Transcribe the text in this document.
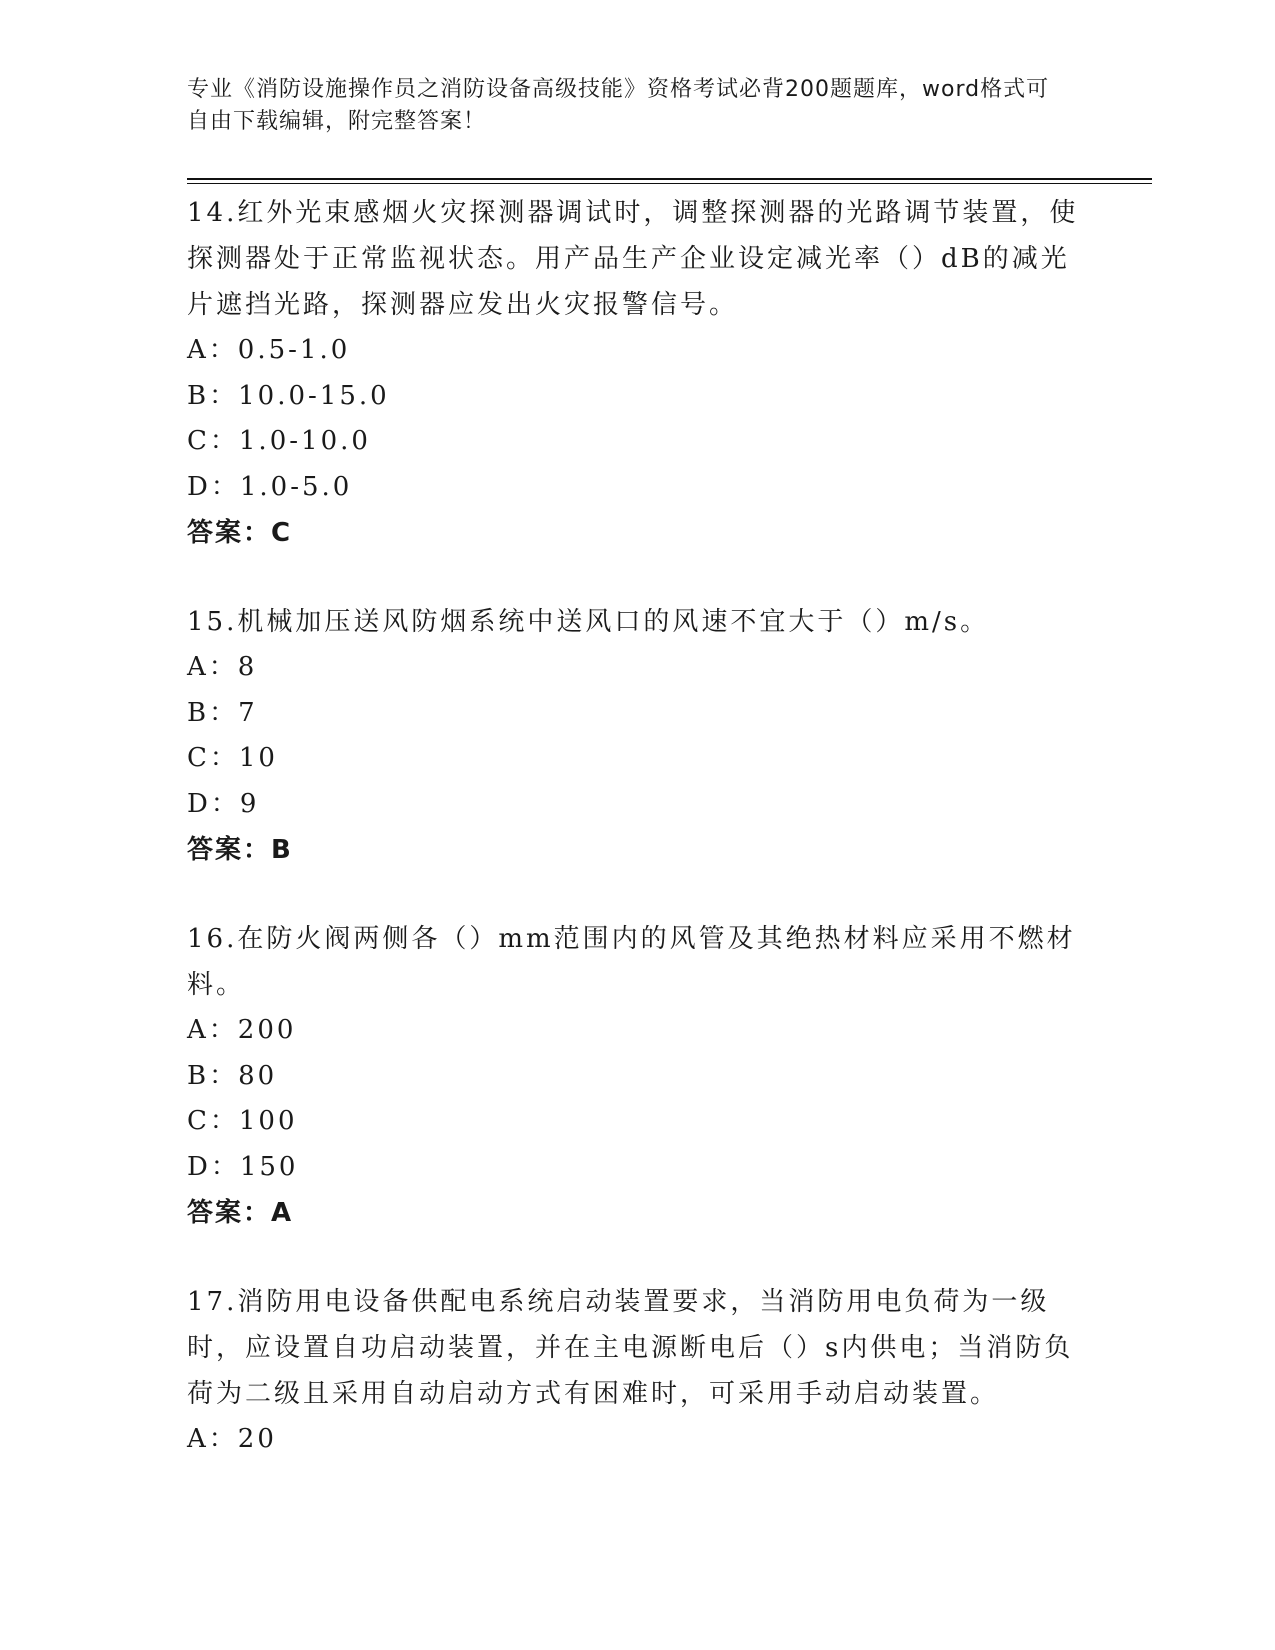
专业《消防设施操作员之消防设备高级技能》资格考试必背200题题库，word格式可自由下载编辑，附完整答案！
14.红外光束感烟火灾探测器调试时，调整探测器的光路调节装置，使探测器处于正常监视状态。用产品生产企业设定减光率（）dB的减光片遮挡光路，探测器应发出火灾报警信号。
A：0.5-1.0
B：10.0-15.0
C：1.0-10.0
D：1.0-5.0
答案：C
15.机械加压送风防烟系统中送风口的风速不宜大于（）m/s。
A：8
B：7
C：10
D：9
答案：B
16.在防火阀两侧各（）mm范围内的风管及其绝热材料应采用不燃材料。
A：200
B：80
C：100
D：150
答案：A
17.消防用电设备供配电系统启动装置要求，当消防用电负荷为一级时，应设置自功启动装置，并在主电源断电后（）s内供电；当消防负荷为二级且采用自动启动方式有困难时，可采用手动启动装置。
A：20
